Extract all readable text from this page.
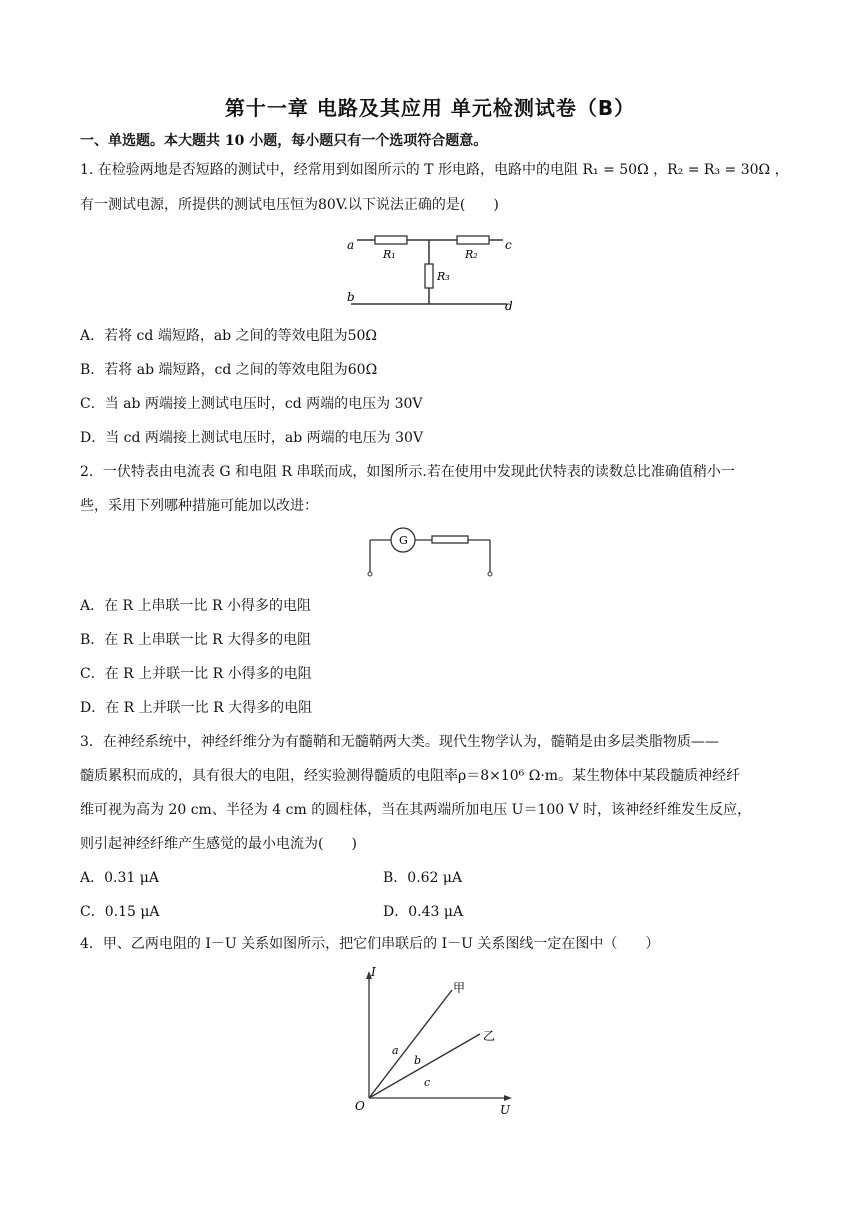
第十一章 电路及其应用 单元检测试卷（B）
一、单选题。本大题共 10 小题，每小题只有一个选项符合题意。
1. 在检验两地是否短路的测试中，经常用到如图所示的 T 形电路，电路中的电阻 R₁ = 50Ω ，R₂ = R₃ = 30Ω ，
有一测试电源，所提供的测试电压恒为80V.以下说法正确的是(　　)
a	c
b
d
R₁	R₂
R₃
A．若将 cd 端短路，ab 之间的等效电阻为50Ω
B．若将 ab 端短路，cd 之间的等效电阻为60Ω
C．当 ab 两端接上测试电压时，cd 两端的电压为 30V
D．当 cd 两端接上测试电压时，ab 两端的电压为 30V
2．一伏特表由电流表 G 和电阻 R 串联而成，如图所示.若在使用中发现此伏特表的读数总比准确值稍小一
些，采用下列哪种措施可能加以改进：
G
A．在 R 上串联一比 R 小得多的电阻
B．在 R 上串联一比 R 大得多的电阻
C．在 R 上并联一比 R 小得多的电阻
D．在 R 上并联一比 R 大得多的电阻
3．在神经系统中，神经纤维分为有髓鞘和无髓鞘两大类。现代生物学认为，髓鞘是由多层类脂物质——
髓质累积而成的，具有很大的电阻，经实验测得髓质的电阻率ρ＝8×10⁶ Ω·m。某生物体中某段髓质神经纤
维可视为高为 20 cm、半径为 4 cm 的圆柱体，当在其两端所加电压 U＝100 V 时，该神经纤维发生反应，
则引起神经纤维产生感觉的最小电流为(　　)
A．0.31 μA	B．0.62 μA
C．0.15 μA	D．0.43 μA
4．甲、乙两电阻的 I－U 关系如图所示，把它们串联后的 I－U 关系图线一定在图中（　　）
I
U
O
甲
乙
a
b
c
